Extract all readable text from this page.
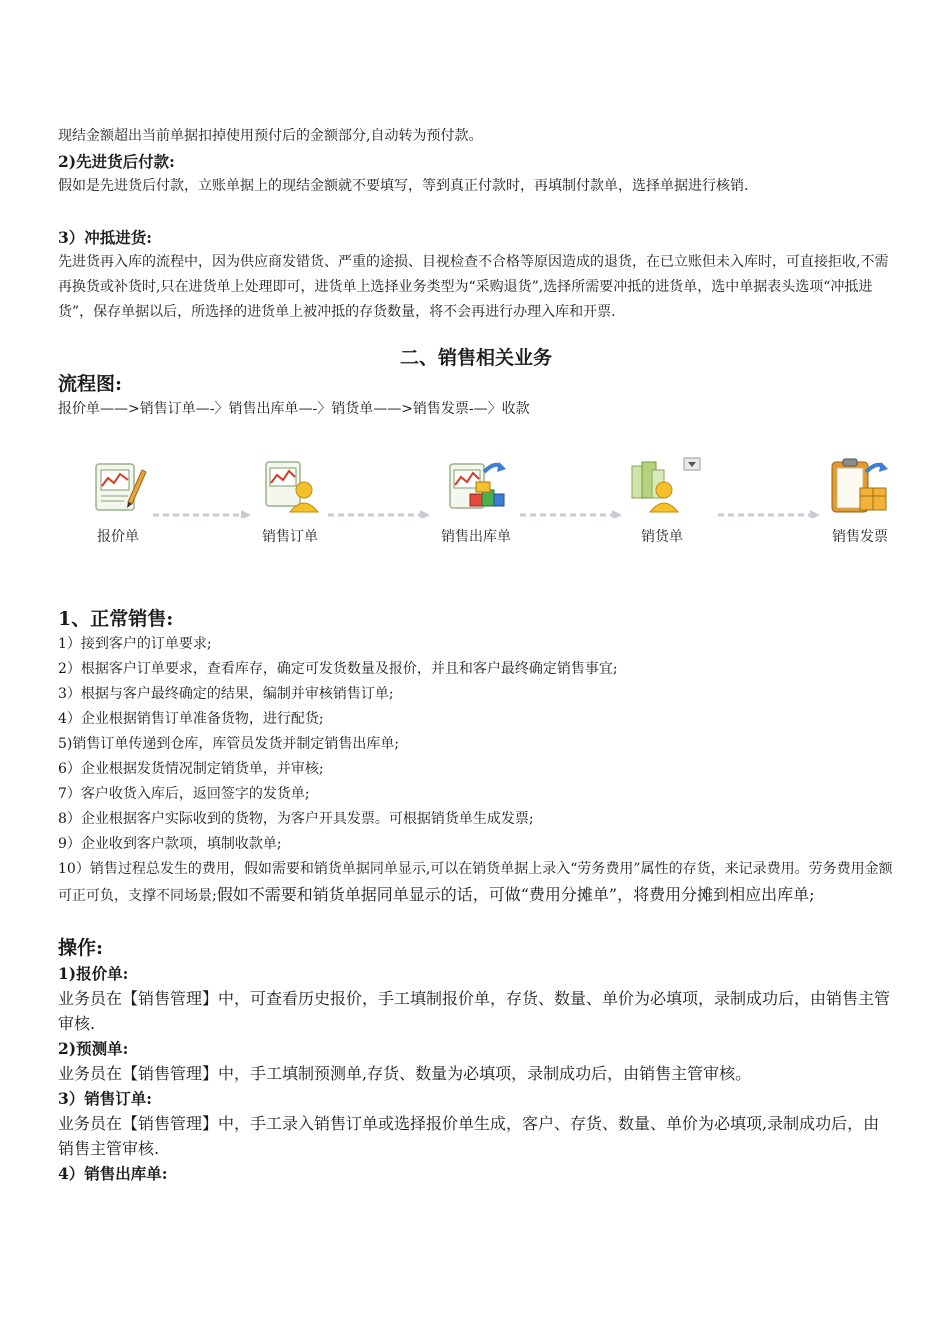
现结金额超出当前单据扣掉使用预付后的金额部分,自动转为预付款。

2)先进货后付款:

假如是先进货后付款，立账单据上的现结金额就不要填写，等到真正付款时，再填制付款单，选择单据进行核销.

3）冲抵进货:

先进货再入库的流程中，因为供应商发错货、严重的途损、目视检查不合格等原因造成的退货，在已立账但未入库时，可直接拒收,不需再换货或补货时,只在进货单上处理即可，进货单上选择业务类型为“采购退货”,选择所需要冲抵的进货单，选中单据表头选项“冲抵进货”，保存单据以后，所选择的进货单上被冲抵的存货数量，将不会再进行办理入库和开票.

二、销售相关业务

流程图:

报价单——>销售订单—-〉销售出库单—-〉销货单——>销售发票-—〉收款

报价单	销售订单	销售出库单	销货单	销售发票

1、正常销售:

1）接到客户的订单要求;

2）根据客户订单要求，查看库存，确定可发货数量及报价，并且和客户最终确定销售事宜;

3）根据与客户最终确定的结果，编制并审核销售订单;

4）企业根据销售订单准备货物，进行配货;

5)销售订单传递到仓库，库管员发货并制定销售出库单;

6）企业根据发货情况制定销货单，并审核;

7）客户收货入库后，返回签字的发货单;

8）企业根据客户实际收到的货物，为客户开具发票。可根据销货单生成发票;

9）企业收到客户款项，填制收款单;

10）销售过程总发生的费用，假如需要和销货单据同单显示,可以在销货单据上录入“劳务费用”属性的存货，来记录费用。劳务费用金额可正可负，支撑不同场景;假如不需要和销货单据同单显示的话，可做“费用分摊单”，将费用分摊到相应出库单;

操作:

1)报价单:

业务员在【销售管理】中，可查看历史报价，手工填制报价单，存货、数量、单价为必填项，录制成功后，由销售主管审核.

2)预测单:

业务员在【销售管理】中，手工填制预测单,存货、数量为必填项，录制成功后，由销售主管审核。

3）销售订单:

业务员在【销售管理】中，手工录入销售订单或选择报价单生成，客户、存货、数量、单价为必填项,录制成功后，由销售主管审核.

4）销售出库单:
